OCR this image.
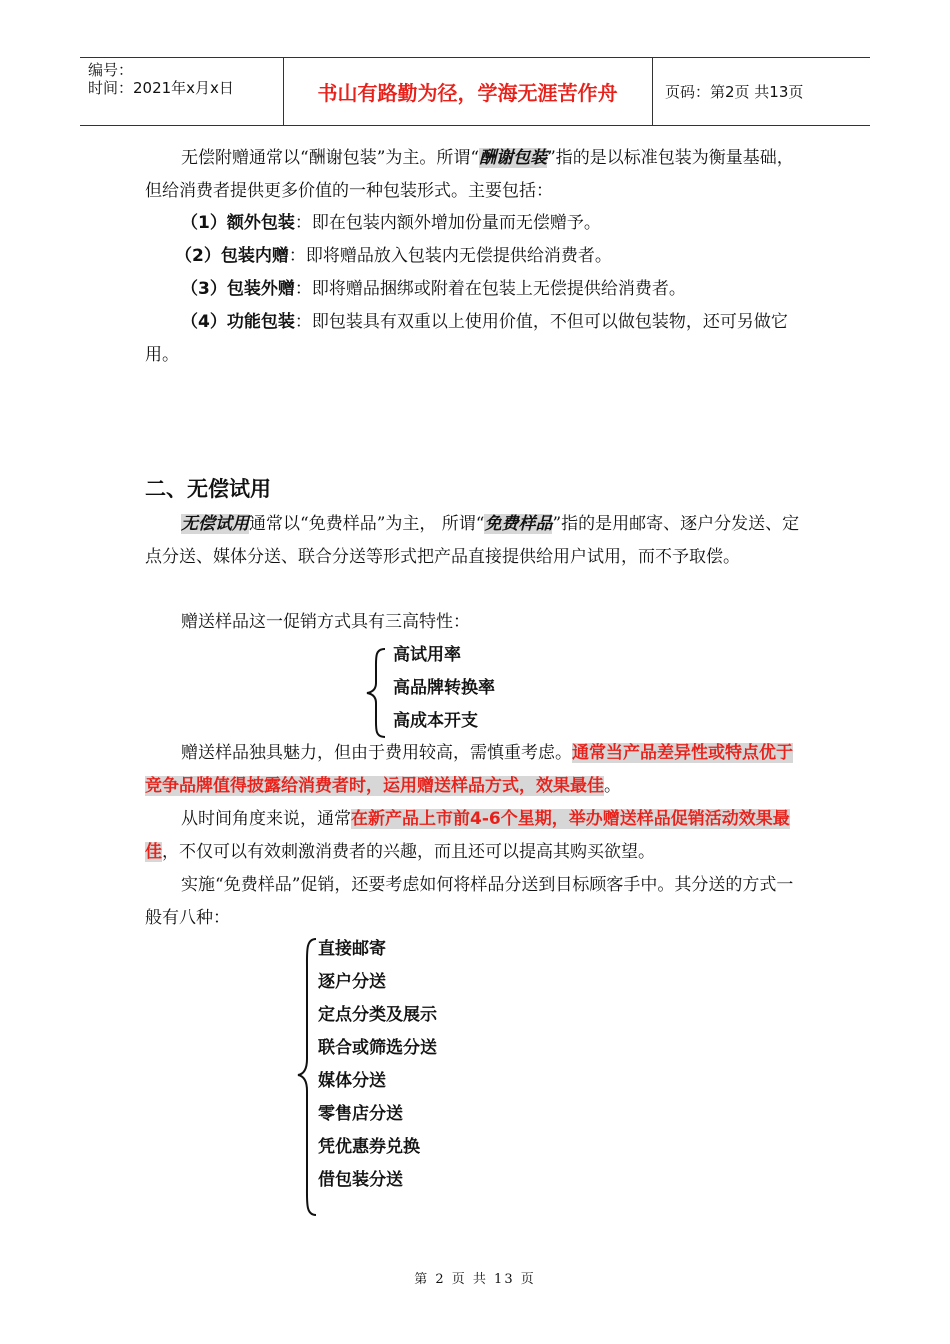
编号：
时间：2021年x月x日	书山有路勤为径，学海无涯苦作舟	页码：第2页 共13页
无偿附赠通常以“酬谢包装”为主。所谓“酬谢包装”指的是以标准包装为衡量基础，但给消费者提供更多价值的一种包装形式。主要包括：
（1）额外包装：即在包装内额外增加份量而无偿赠予。
（2）包装内赠：即将赠品放入包装内无偿提供给消费者。
（3）包装外赠：即将赠品捆绑或附着在包装上无偿提供给消费者。
（4）功能包装：即包装具有双重以上使用价值，不但可以做包装物，还可另做它用。
二、无偿试用
无偿试用通常以“免费样品”为主， 所谓“免费样品”指的是用邮寄、逐户分发送、定点分送、媒体分送、联合分送等形式把产品直接提供给用户试用，而不予取偿。
赠送样品这一促销方式具有三高特性：
高试用率
高品牌转换率
高成本开支
赠送样品独具魅力，但由于费用较高，需慎重考虑。通常当产品差异性或特点优于竞争品牌值得披露给消费者时，运用赠送样品方式，效果最佳。
从时间角度来说，通常在新产品上市前4-6个星期，举办赠送样品促销活动效果最佳，不仅可以有效刺激消费者的兴趣，而且还可以提高其购买欲望。
实施“免费样品”促销，还要考虑如何将样品分送到目标顾客手中。其分送的方式一般有八种：
直接邮寄
逐户分送
定点分类及展示
联合或筛选分送
媒体分送
零售店分送
凭优惠券兑换
借包装分送
第 2 页 共 13 页
